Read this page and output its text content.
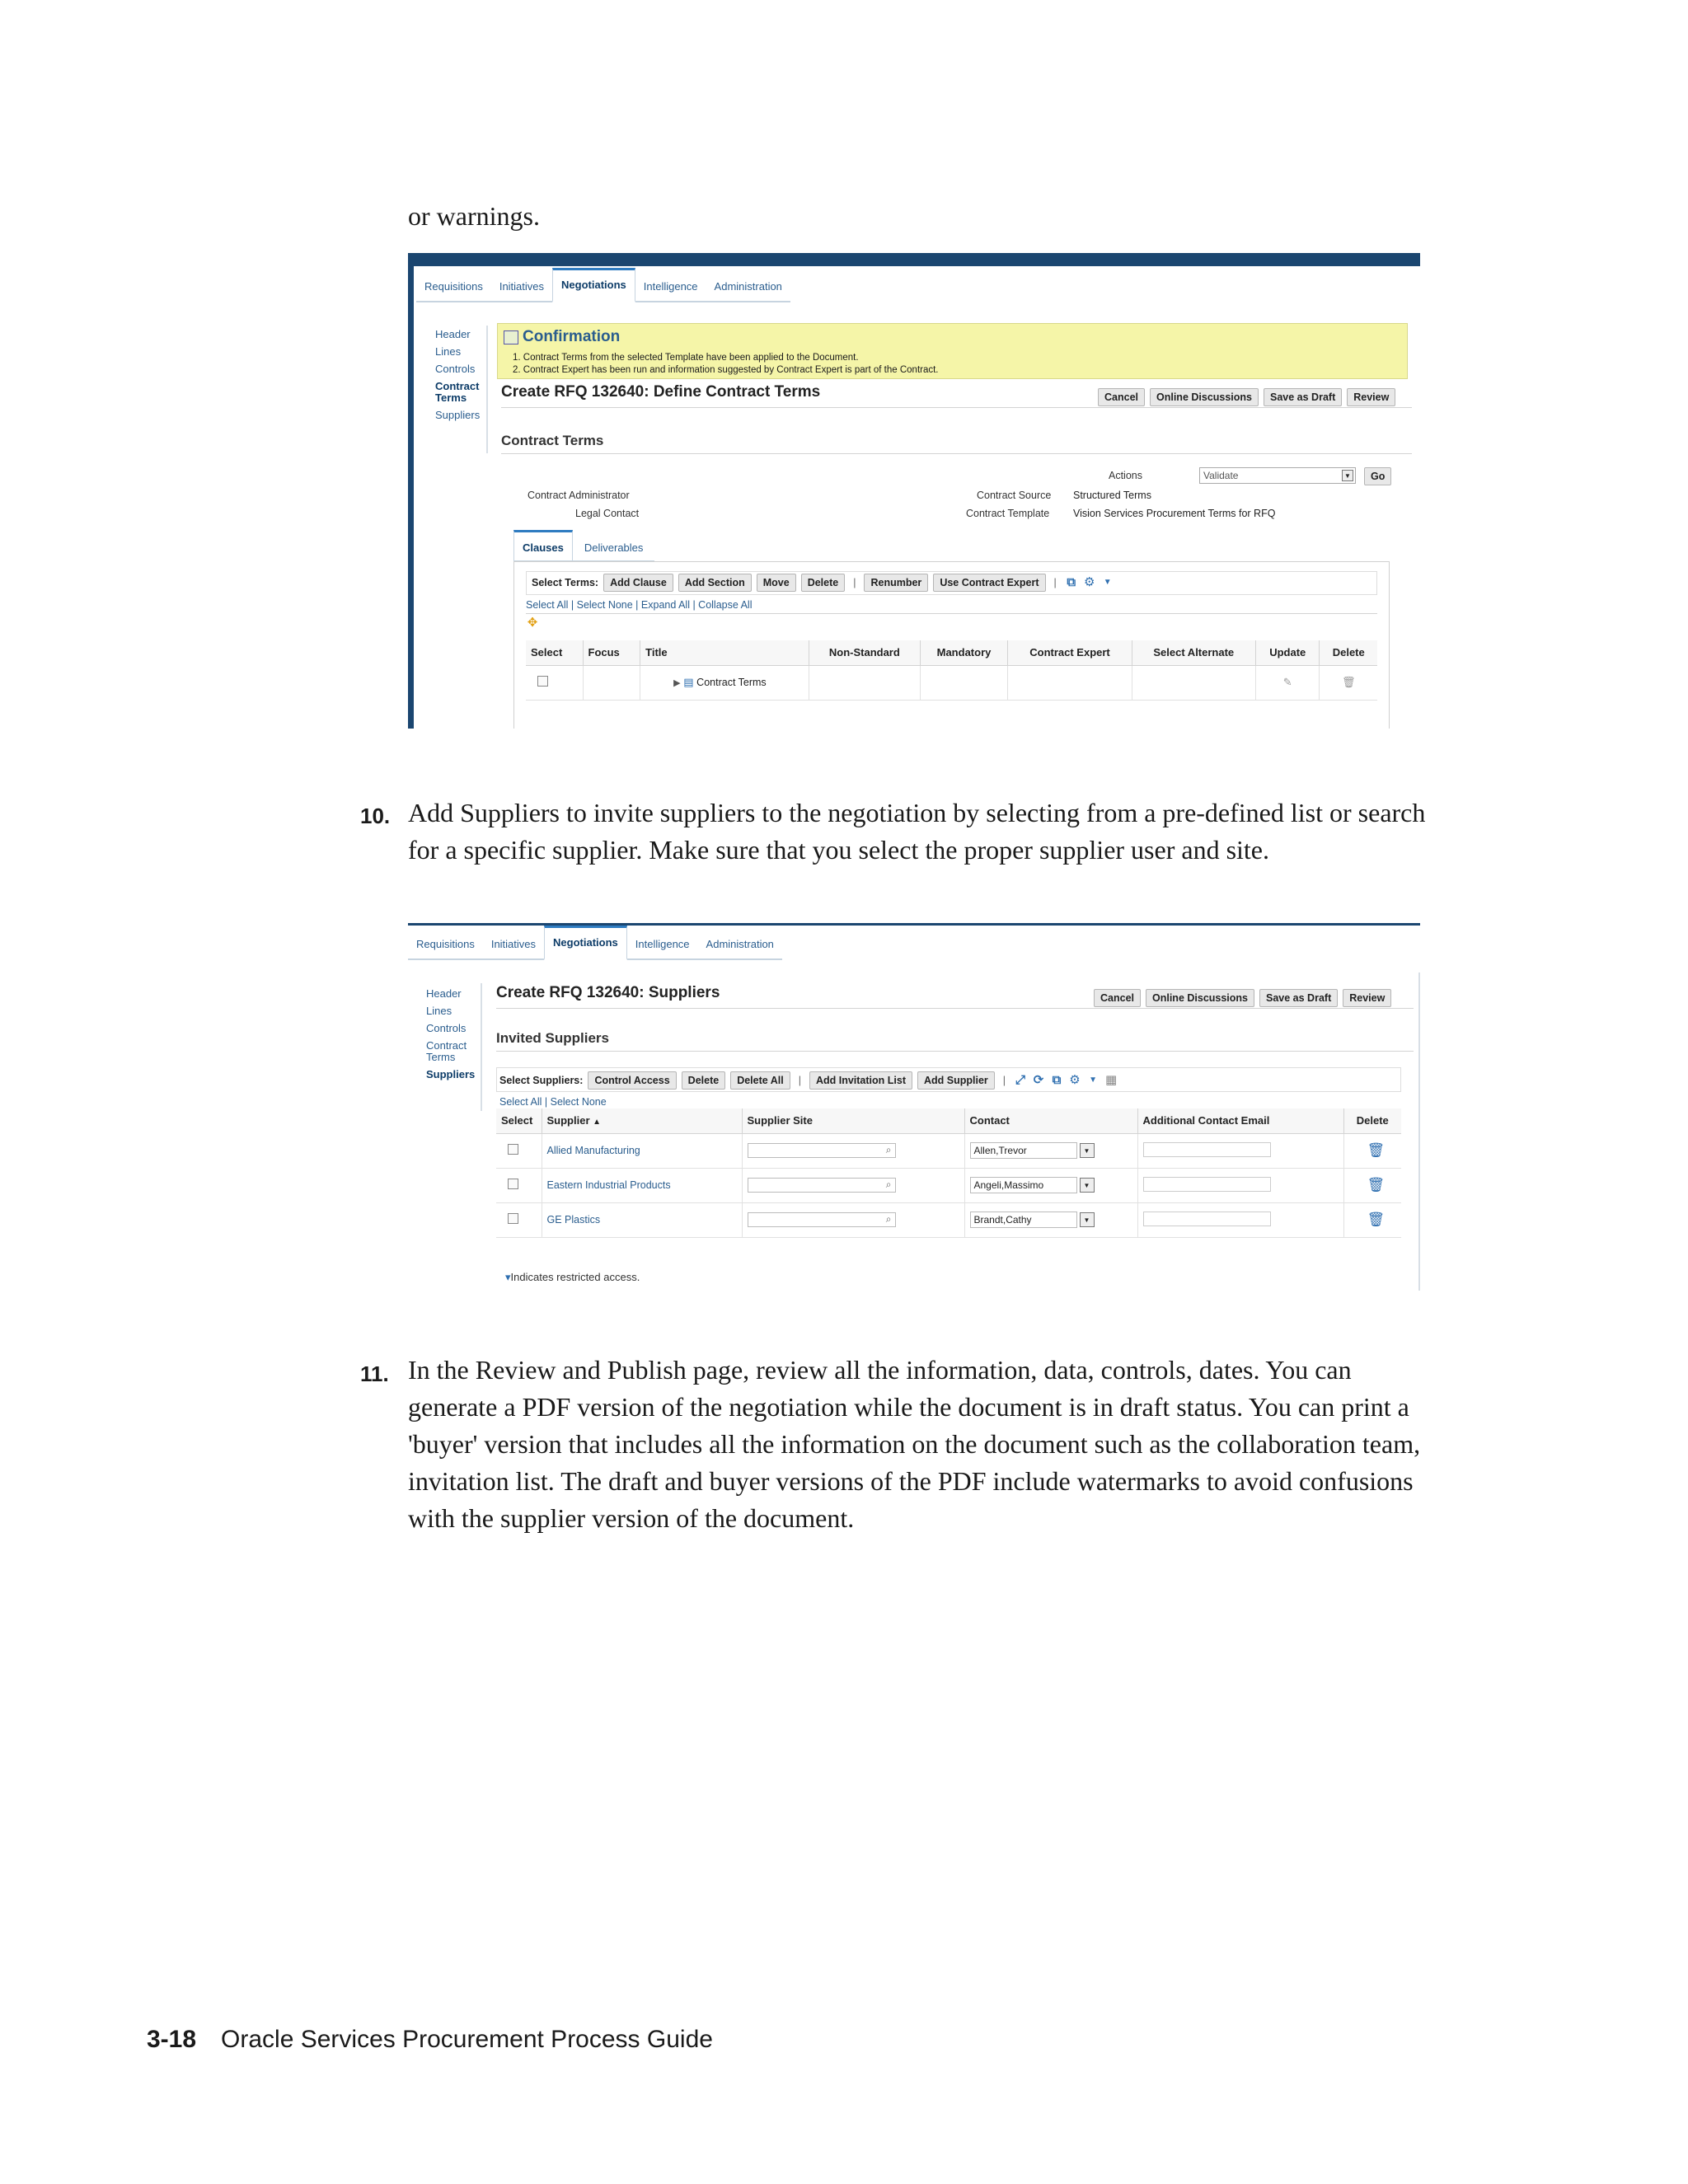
or warnings.
Requisitions	Initiatives	Negotiations	Intelligence	Administration
Header
Lines
Controls
Contract Terms
Suppliers
Confirmation
1. Contract Terms from the selected Template have been applied to the Document.
2. Contract Expert has been run and information suggested by Contract Expert is part of the Contract.
Create RFQ 132640: Define Contract Terms	Cancel	Online Discussions	Save as Draft	Review
Contract Terms
Actions	Validate	▼	Go
Contract Administrator
Legal Contact
Contract Source Structured Terms
Contract Template Vision Services Procurement Terms for RFQ
Clauses	Deliverables
Select Terms:	Add Clause	Add Section	Move	Delete	|	Renumber	Use Contract Expert	| ⧉ ⚙	▼
Select All | Select None | Expand All | Collapse All
✥
Select	Focus	Title	Non-Standard	Mandatory	Contract Expert	Select Alternate	Update	Delete
		▶ ▤ Contract Terms					✎	🗑
10. Add Suppliers to invite suppliers to the negotiation by selecting from a pre-defined list or search for a specific supplier. Make sure that you select the proper supplier user and site.
Requisitions	Initiatives	Negotiations	Intelligence	Administration
Header
Lines
Controls
Contract Terms
Suppliers
Create RFQ 132640: Suppliers	Cancel	Online Discussions	Save as Draft	Review
Invited Suppliers
Select Suppliers:	Control Access	Delete	Delete All	|	Add Invitation List	Add Supplier	| ⤢ ⟳ ⧉ ⚙	▼ ▦
Select All | Select None
Select	Supplier ▲	Supplier Site	Contact	Additional Contact Email	Delete
	Allied Manufacturing	⌕	Allen,Trevor ▼		🗑
	Eastern Industrial Products	⌕	Angeli,Massimo ▼		🗑
	GE Plastics	⌕	Brandt,Cathy ▼		🗑
▾Indicates restricted access.
11. In the Review and Publish page, review all the information, data, controls, dates. You can generate a PDF version of the negotiation while the document is in draft status. You can print a 'buyer' version that includes all the information on the document such as the collaboration team, invitation list. The draft and buyer versions of the PDF include watermarks to avoid confusions with the supplier version of the document.
3-18 Oracle Services Procurement Process Guide
